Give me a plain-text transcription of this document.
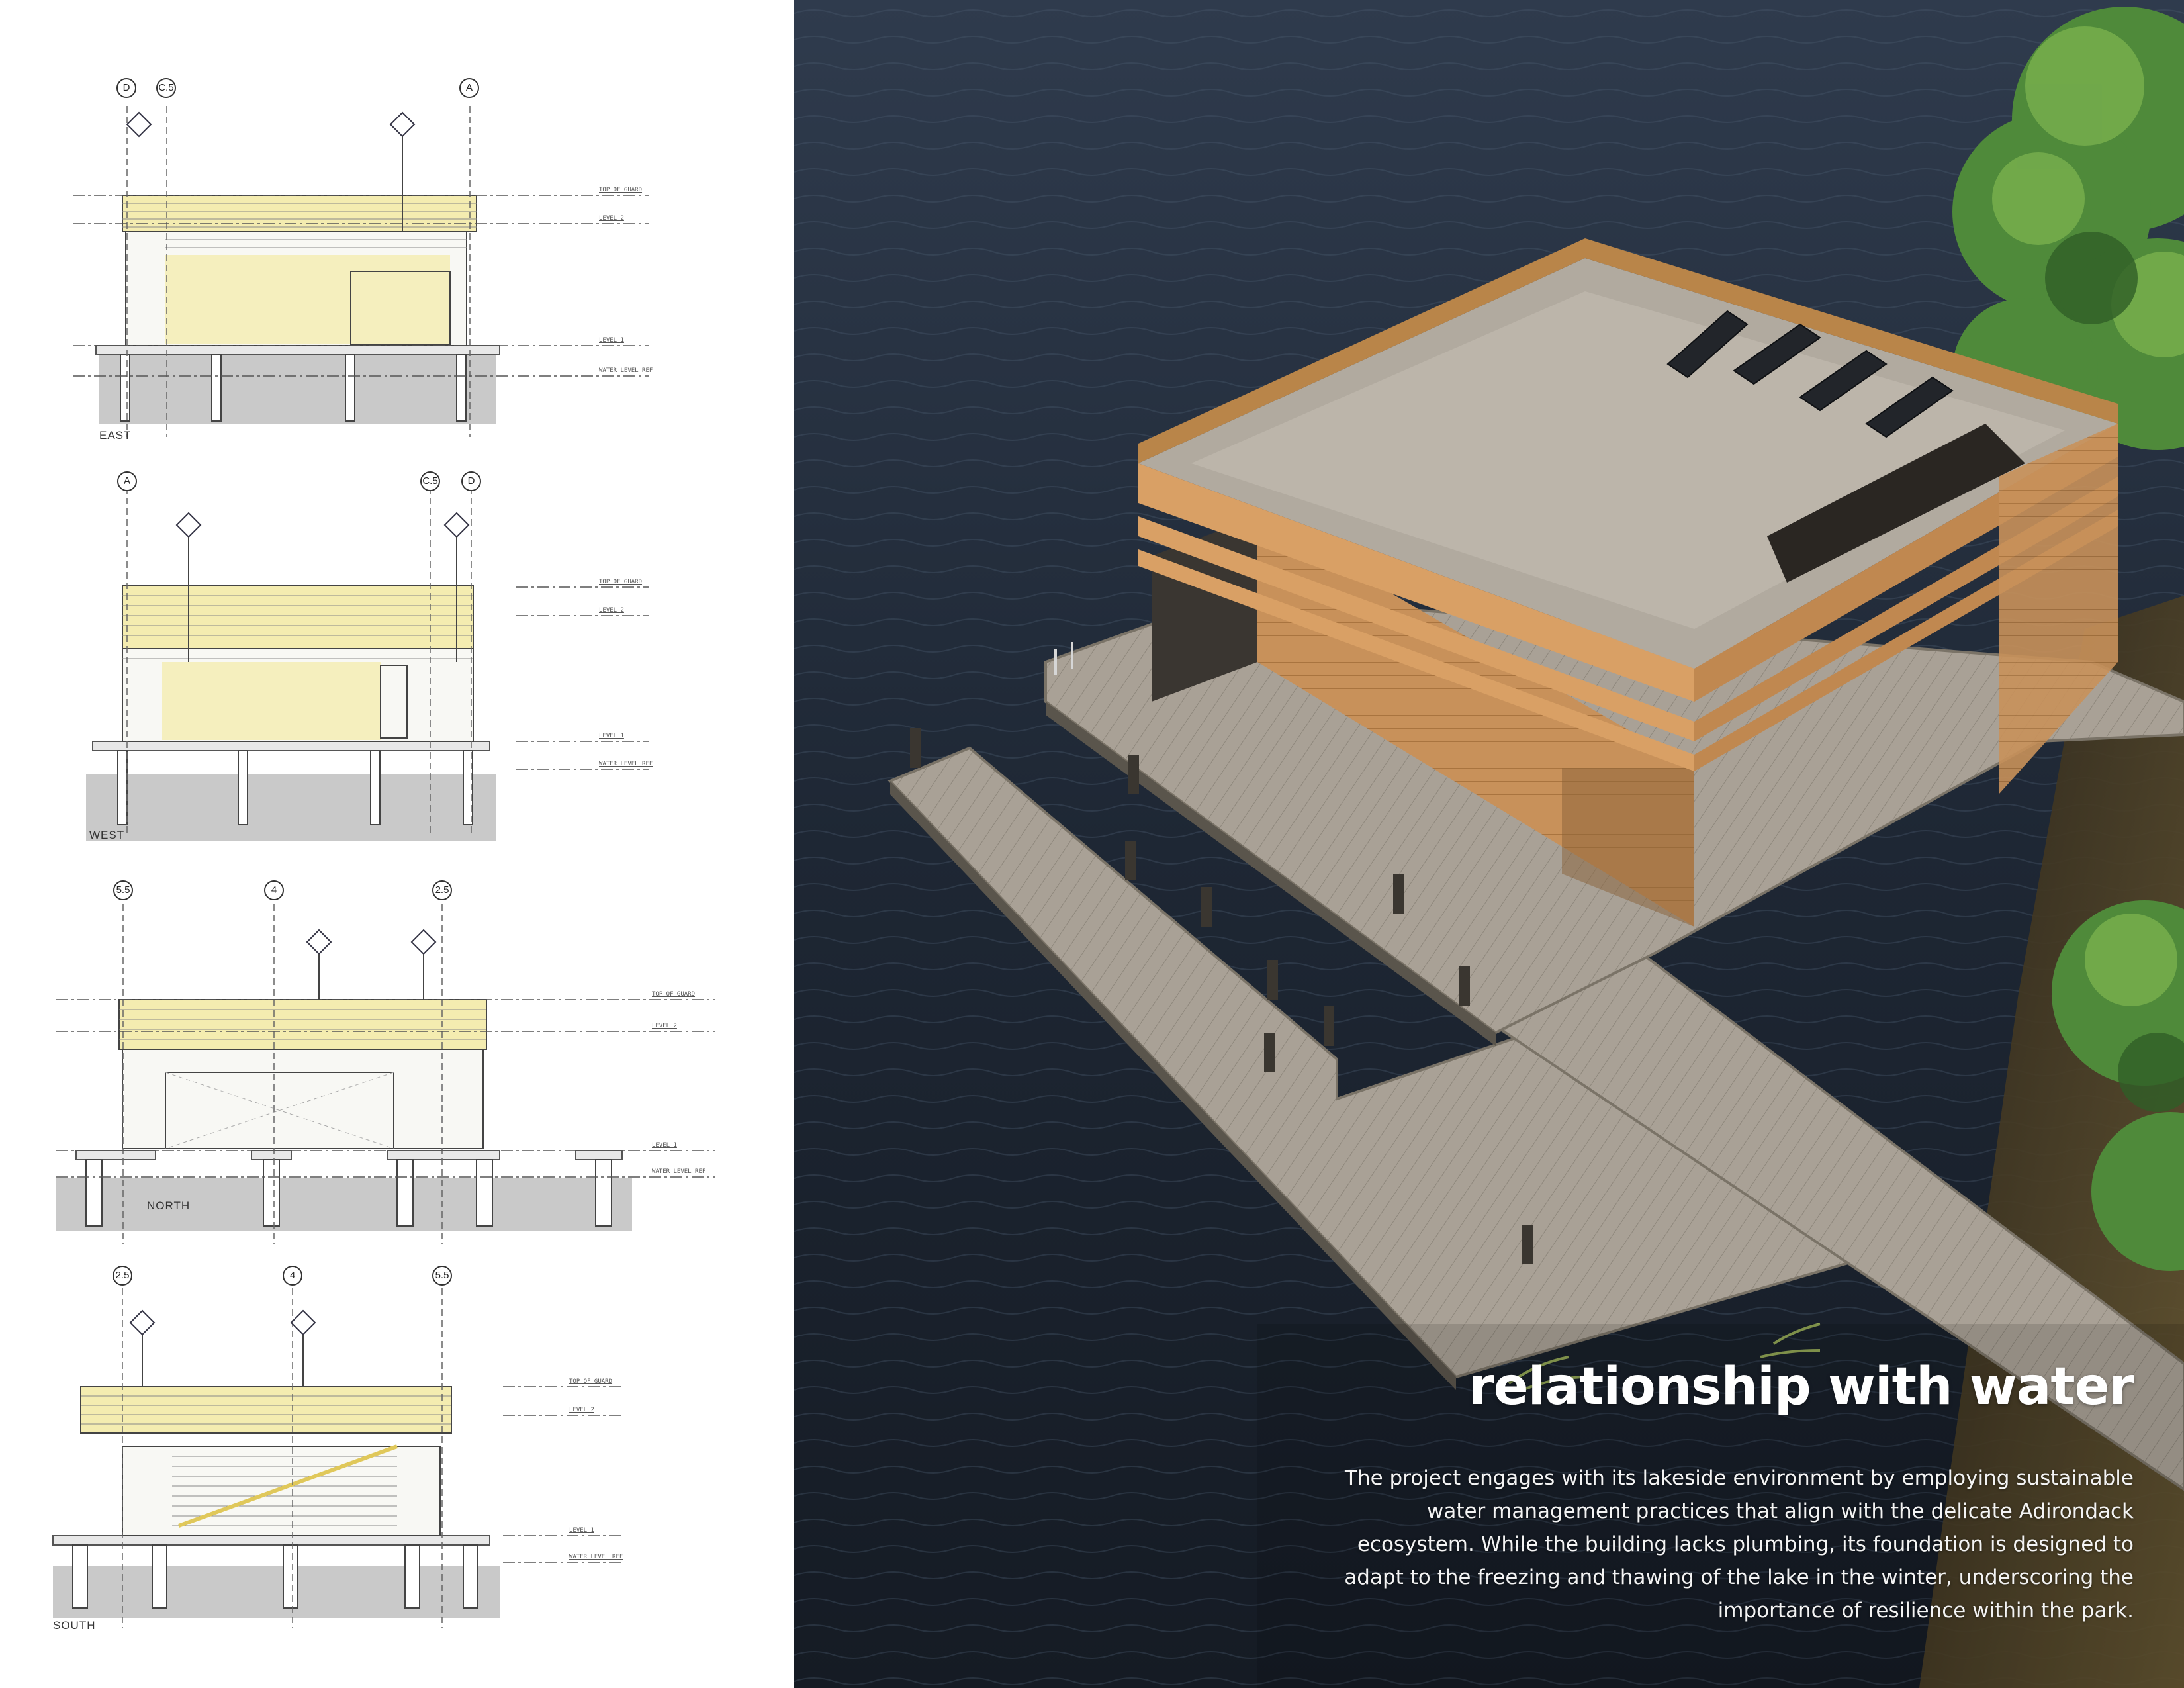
D	C.5	A
TOP OF GUARD
LEVEL 2
LEVEL 1
WATER LEVEL REF
EAST
A	C.5	D
TOP OF GUARD
LEVEL 2
LEVEL 1
WATER LEVEL REF
WEST
5.5	4	2.5
TOP OF GUARD
LEVEL 2
LEVEL 1
WATER LEVEL REF
NORTH
2.5	4	5.5
TOP OF GUARD
LEVEL 2
LEVEL 1
WATER LEVEL REF
SOUTH
relationship with water

The project engages with its lakeside environment by employing sustainable water management practices that align with the delicate Adirondack ecosystem. While the building lacks plumbing, its foundation is designed to adapt to the freezing and thawing of the lake in the winter, underscoring the importance of resilience within the park.
